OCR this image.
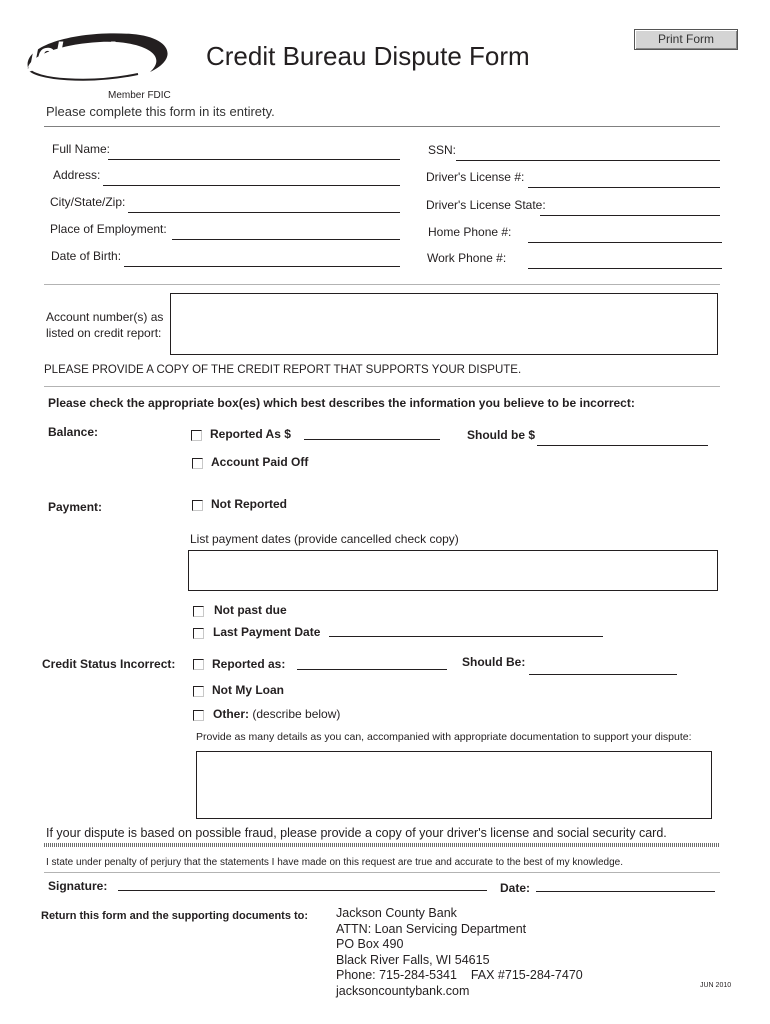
Print Form
jcbank
Member FDIC
Credit Bureau Dispute Form
Please complete this form in its entirety.
Full Name:	SSN:
Address:	Driver's License #:
City/State/Zip:	Driver's License State:
Place of Employment:	Home Phone #:
Date of Birth:	Work Phone #:
Account number(s) as
listed on credit report:
PLEASE PROVIDE A COPY OF THE CREDIT REPORT THAT SUPPORTS YOUR DISPUTE.
Please check the appropriate box(es) which best describes the information you believe to be incorrect:
Balance:	Reported As $	Should be $
Account Paid Off
Payment:	Not Reported
List payment dates (provide cancelled check copy)
Not past due
Last Payment Date
Credit Status Incorrect:	Reported as:	Should Be:
Not My Loan
Other: (describe below)
Provide as many details as you can, accompanied with appropriate documentation to support your dispute:
If your dispute is based on possible fraud, please provide a copy of your driver's license and social security card.
I state under penalty of perjury that the statements I have made on this request are true and accurate to the best of my knowledge.
Signature:	Date:
Return this form and the supporting documents to: Jackson County Bank
ATTN: Loan Servicing Department
PO Box 490
Black River Falls, WI 54615
Phone: 715-284-5341    FAX #715-284-7470
jacksoncountybank.com	JUN 2010
